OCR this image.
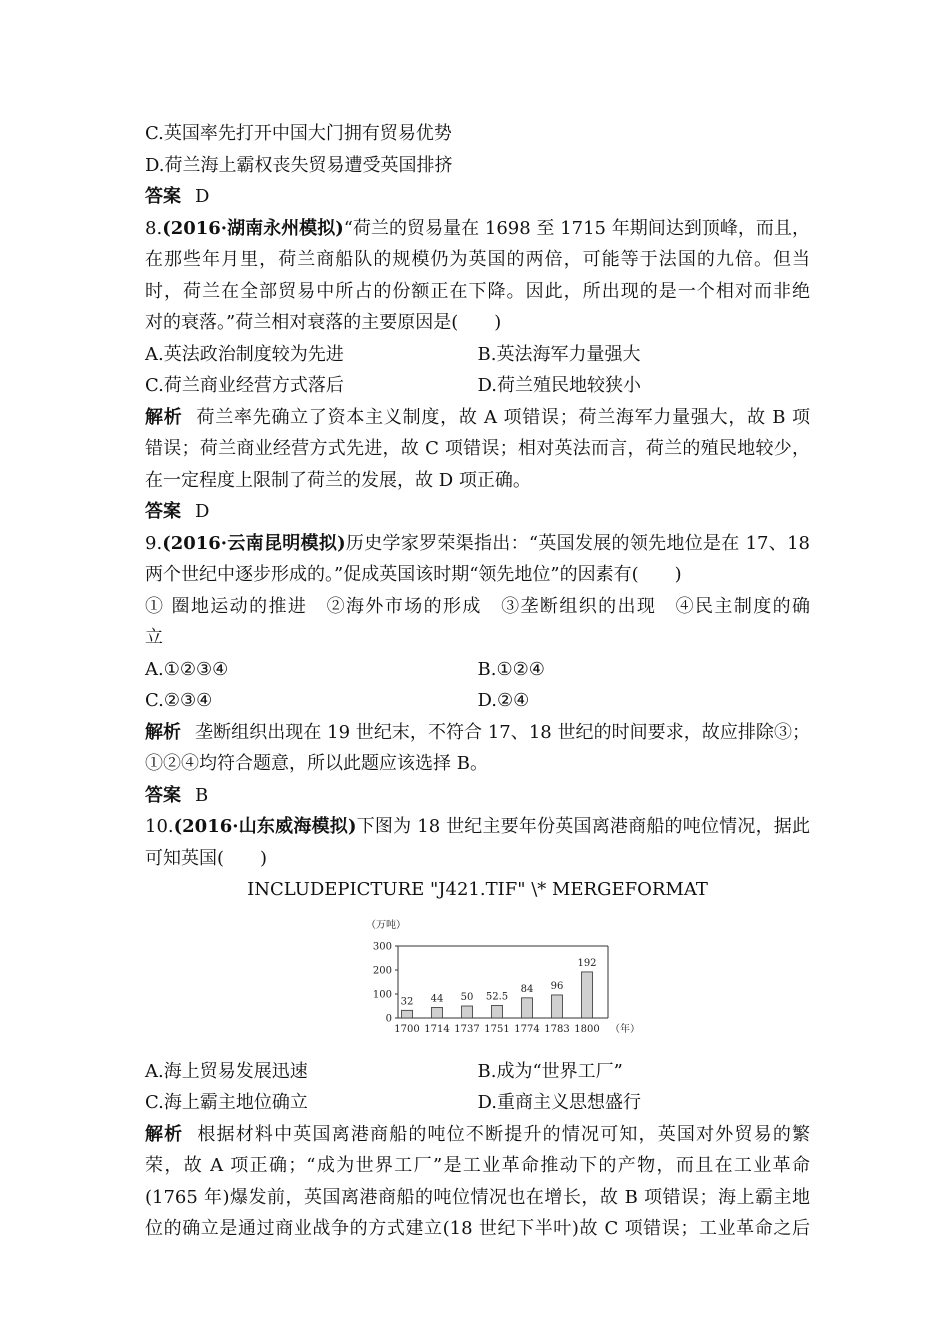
C.英国率先打开中国大门拥有贸易优势
D.荷兰海上霸权丧失贸易遭受英国排挤
答案 D
8.(2016·湖南永州模拟)“荷兰的贸易量在 1698 至 1715 年期间达到顶峰，而且，
在那些年月里，荷兰商船队的规模仍为英国的两倍，可能等于法国的九倍。但当
时，荷兰在全部贸易中所占的份额正在下降。因此，所出现的是一个相对而非绝
对的衰落。”荷兰相对衰落的主要原因是(　　)
A.英法政治制度较为先进	B.英法海军力量强大
C.荷兰商业经营方式落后	D.荷兰殖民地较狭小
解析 荷兰率先确立了资本主义制度，故 A 项错误；荷兰海军力量强大，故 B 项
错误；荷兰商业经营方式先进，故 C 项错误；相对英法而言，荷兰的殖民地较少，
在一定程度上限制了荷兰的发展，故 D 项正确。
答案 D
9.(2016·云南昆明模拟)历史学家罗荣渠指出：“英国发展的领先地位是在 17、18
两个世纪中逐步形成的。”促成英国该时期“领先地位”的因素有(　　)
① 圈地运动的推进　②海外市场的形成　③垄断组织的出现　④民主制度的确
立
A.①②③④	B.①②④
C.②③④	D.②④
解析 垄断组织出现在 19 世纪末，不符合 17、18 世纪的时间要求，故应排除③；
①②④均符合题意，所以此题应该选择 B。
答案 B
10.(2016·山东威海模拟)下图为 18 世纪主要年份英国离港商船的吨位情况，据此
可知英国(　　)
INCLUDEPICTURE "J421.TIF" \* MERGEFORMAT
（万吨）
0
100
200
300
32
1700
44
1714
50
1737
52.5
1751
84
1774
96
1783
192
1800 （年）
A.海上贸易发展迅速	B.成为“世界工厂”
C.海上霸主地位确立	D.重商主义思想盛行
解析 根据材料中英国离港商船的吨位不断提升的情况可知，英国对外贸易的繁
荣，故 A 项正确；“成为世界工厂”是工业革命推动下的产物，而且在工业革命
(1765 年)爆发前，英国离港商船的吨位情况也在增长，故 B 项错误；海上霸主地
位的确立是通过商业战争的方式建立(18 世纪下半叶)故 C 项错误；工业革命之后
